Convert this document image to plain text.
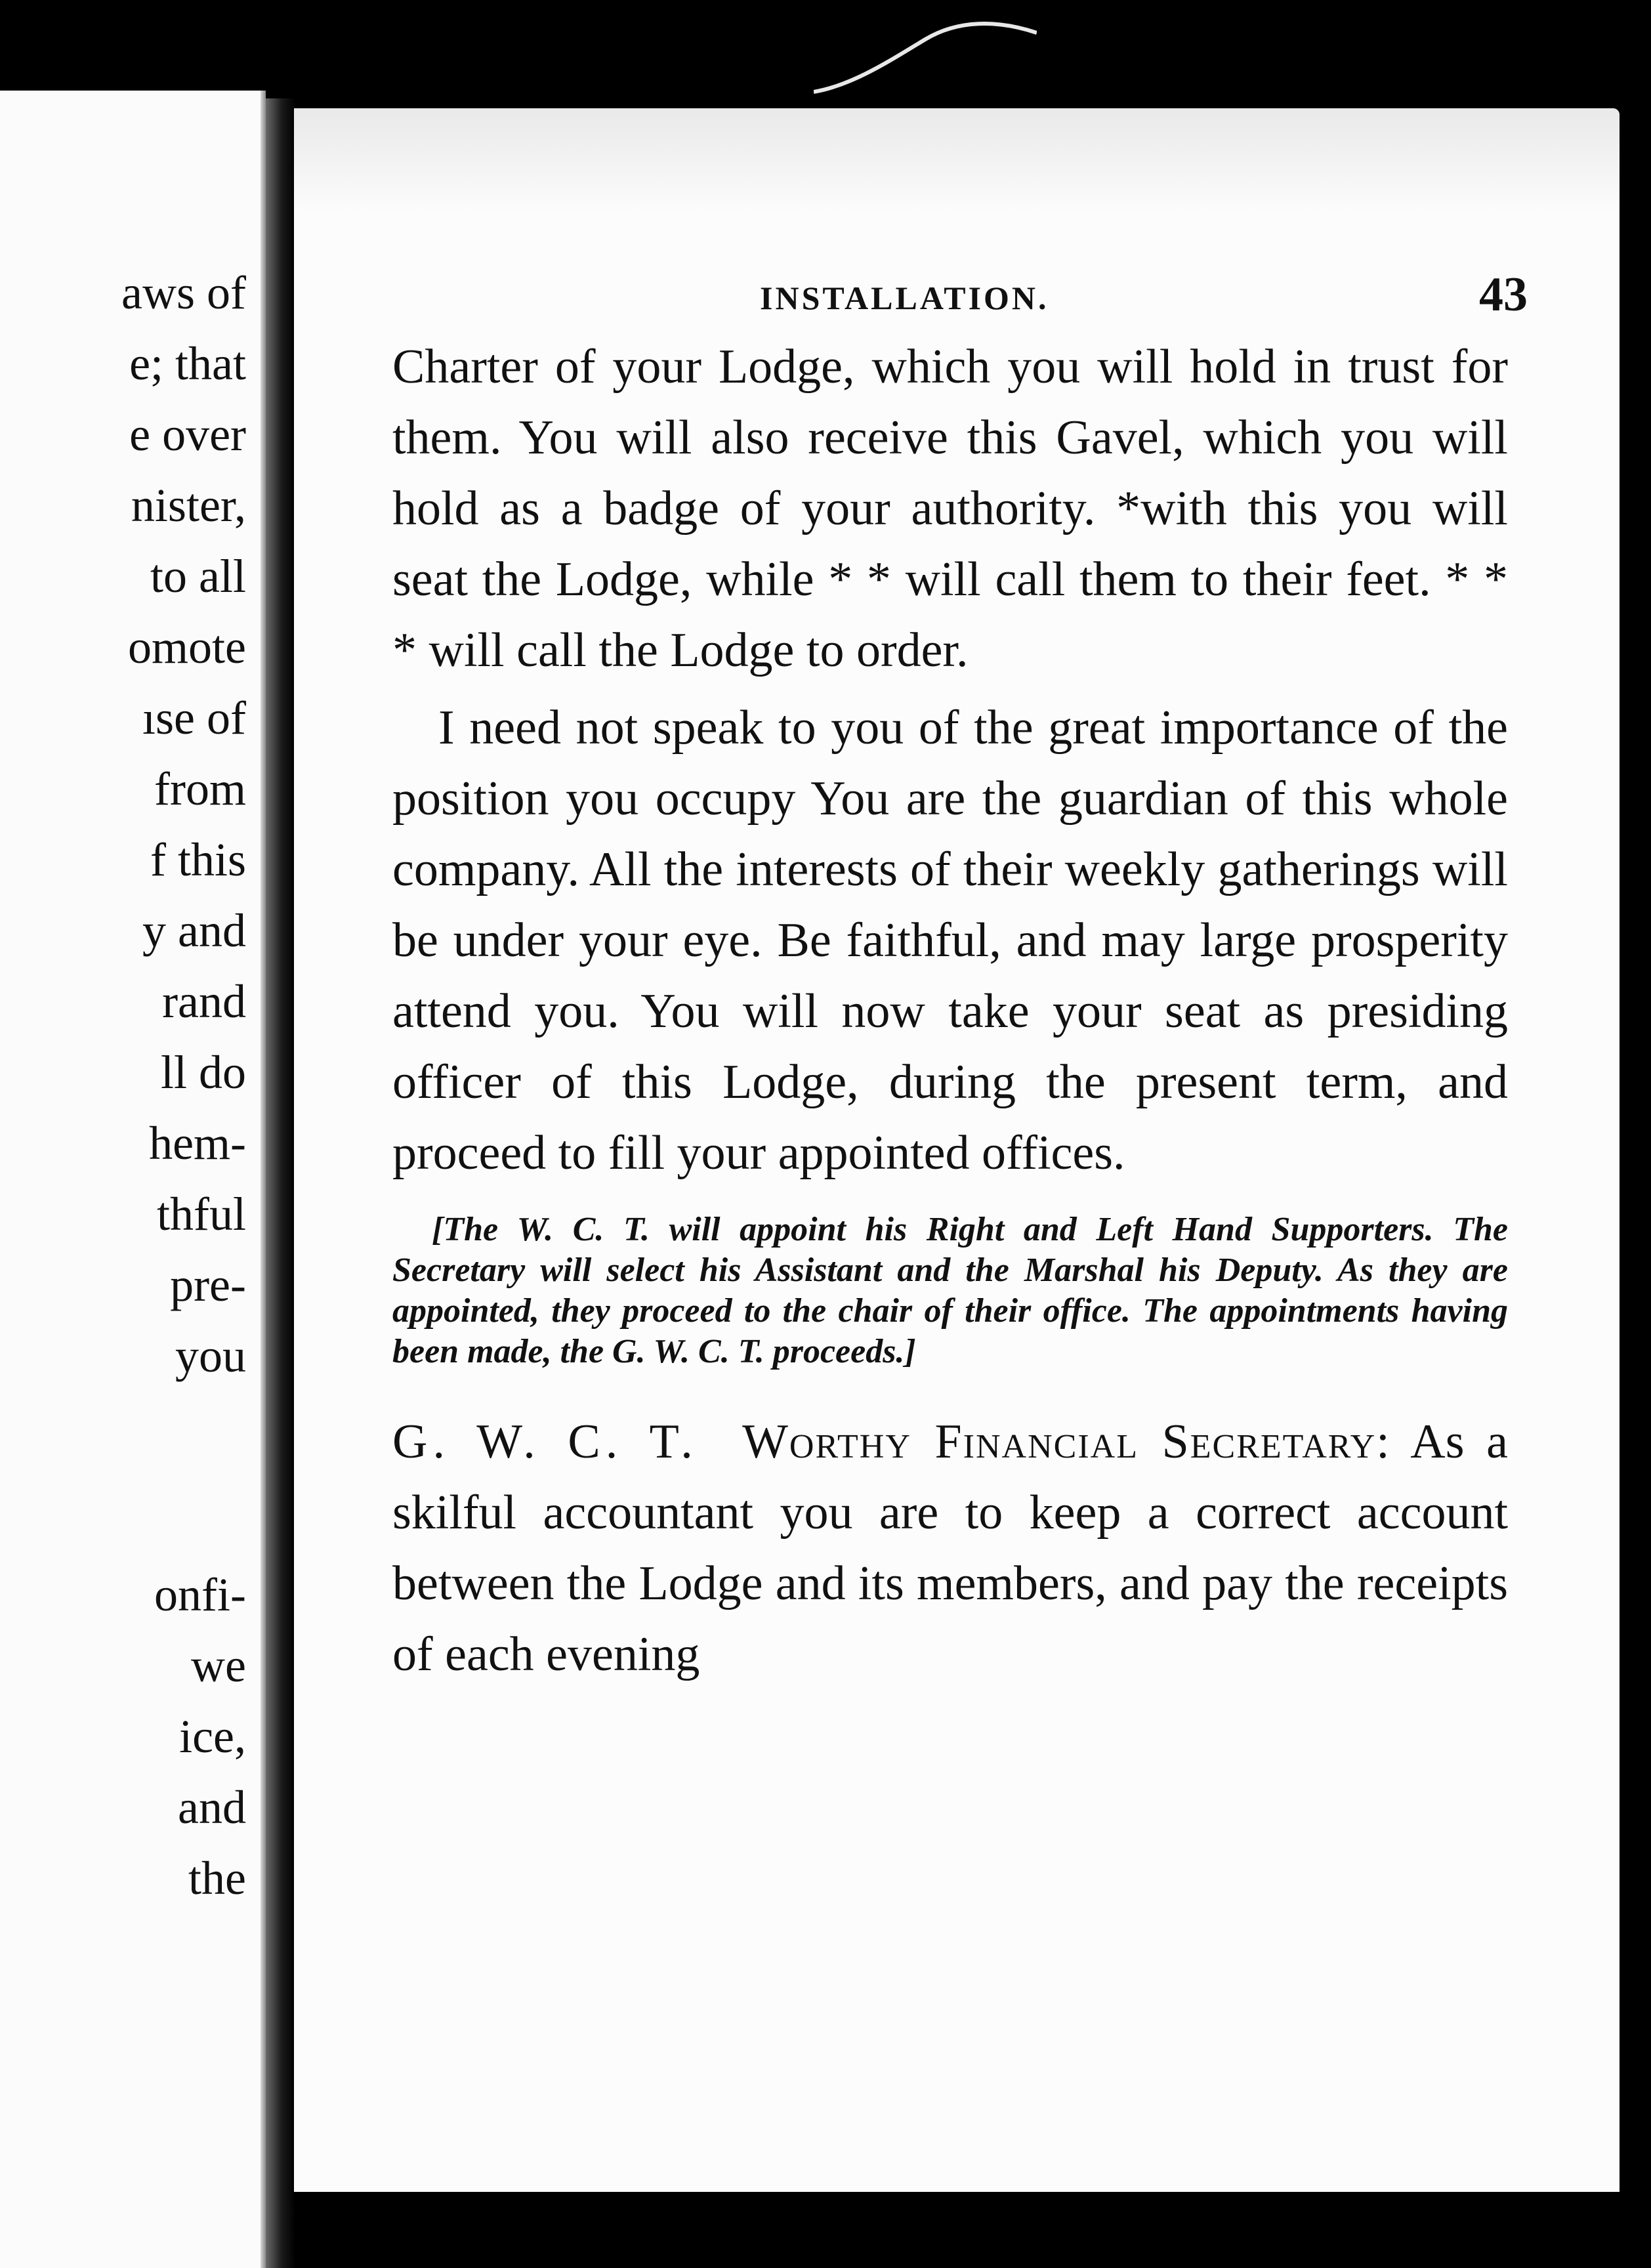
aws of
e; that
e over
nister,
to all
omote
ıse of
from
f this
y and
rand
ll do
hem-
thful
pre-
you
onfi-
we
ice,
and
the
INSTALLATION.	43

Charter of your Lodge, which you will hold in trust for them. You will also receive this Gavel, which you will hold as a badge of your authority. *with this you will seat the Lodge, while * * will call them to their feet. * * * will call the Lodge to order.

I need not speak to you of the great importance of the position you occupy You are the guardian of this whole company. All the interests of their weekly gatherings will be under your eye. Be faithful, and may large prosperity attend you. You will now take your seat as presiding officer of this Lodge, during the present term, and proceed to fill your appointed offices.

[The W. C. T. will appoint his Right and Left Hand Supporters. The Secretary will select his Assistant and the Marshal his Deputy. As they are appointed, they proceed to the chair of their office. The appointments having been made, the G. W. C. T. proceeds.]

G. W. C. T. Worthy Financial Secretary: As a skilful accountant you are to keep a correct account between the Lodge and its members, and pay the receipts of each evening
